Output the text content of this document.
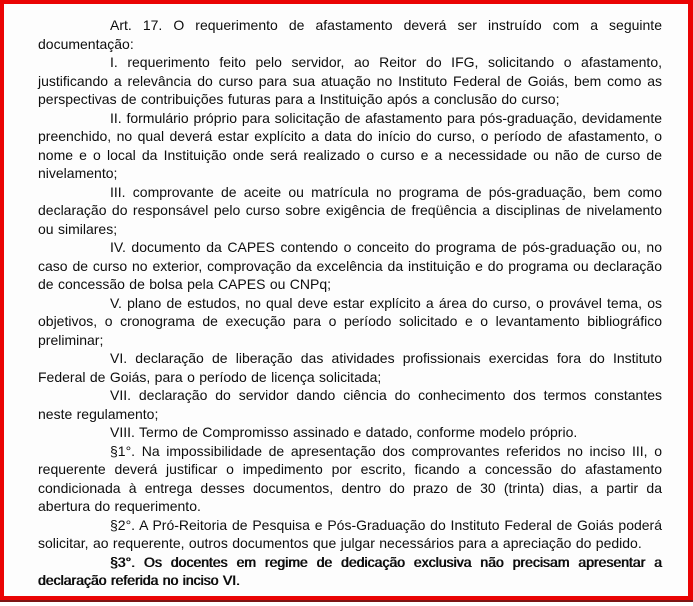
Art. 17. O requerimento de afastamento deverá ser instruído com a seguinte documentação:

I. requerimento feito pelo servidor, ao Reitor do IFG, solicitando o afastamento, justificando a relevância do curso para sua atuação no Instituto Federal de Goiás, bem como as perspectivas de contribuições futuras para a Instituição após a conclusão do curso;

II. formulário próprio para solicitação de afastamento para pós-graduação, devidamente preenchido, no qual deverá estar explícito a data do início do curso, o período de afastamento, o nome e o local da Instituição onde será realizado o curso e a necessidade ou não de curso de nivelamento;

III. comprovante de aceite ou matrícula no programa de pós-graduação, bem como declaração do responsável pelo curso sobre exigência de freqüência a disciplinas de nivelamento ou similares;

IV. documento da CAPES contendo o conceito do programa de pós-graduação ou, no caso de curso no exterior, comprovação da excelência da instituição e do programa ou declaração de concessão de bolsa pela CAPES ou CNPq;

V. plano de estudos, no qual deve estar explícito a área do curso, o provável tema, os objetivos, o cronograma de execução para o período solicitado e o levantamento bibliográfico preliminar;

VI. declaração de liberação das atividades profissionais exercidas fora do Instituto Federal de Goiás, para o período de licença solicitada;

VII. declaração do servidor dando ciência do conhecimento dos termos constantes neste regulamento;

VIII. Termo de Compromisso assinado e datado, conforme modelo próprio.

§1°. Na impossibilidade de apresentação dos comprovantes referidos no inciso III, o requerente deverá justificar o impedimento por escrito, ficando a concessão do afastamento condicionada à entrega desses documentos, dentro do prazo de 30 (trinta) dias, a partir da abertura do requerimento.

§2°. A Pró-Reitoria de Pesquisa e Pós-Graduação do Instituto Federal de Goiás poderá solicitar, ao requerente, outros documentos que julgar necessários para a apreciação do pedido.

§3°. Os docentes em regime de dedicação exclusiva não precisam apresentar a declaração referida no inciso VI.
